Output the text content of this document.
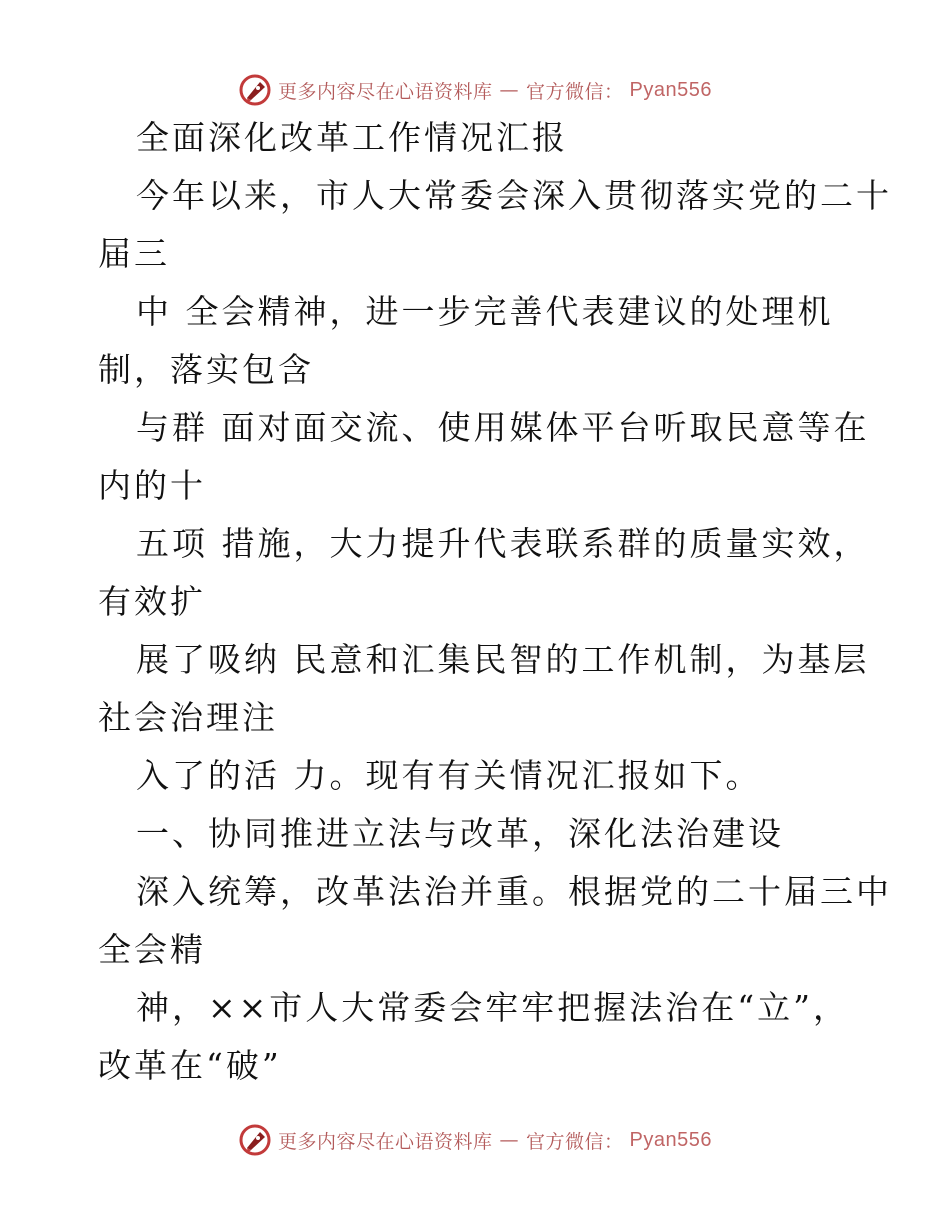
更多内容尽在心语资料库 — 官方微信： Pyan556
全面深化改革工作情况汇报
今年以来，市人大常委会深入贯彻落实党的二十
届三
中 全会精神，进一步完善代表建议的处理机
制，落实包含
与群 面对面交流、使用媒体平台听取民意等在
内的十
五项 措施，大力提升代表联系群的质量实效，
有效扩
展了吸纳 民意和汇集民智的工作机制，为基层
社会治理注
入了的活 力。现有有关情况汇报如下。
一、协同推进立法与改革，深化法治建设
深入统筹，改革法治并重。根据党的二十届三中
全会精
神，××市人大常委会牢牢把握法治在“立”，
改革在“破”
更多内容尽在心语资料库 — 官方微信： Pyan556
